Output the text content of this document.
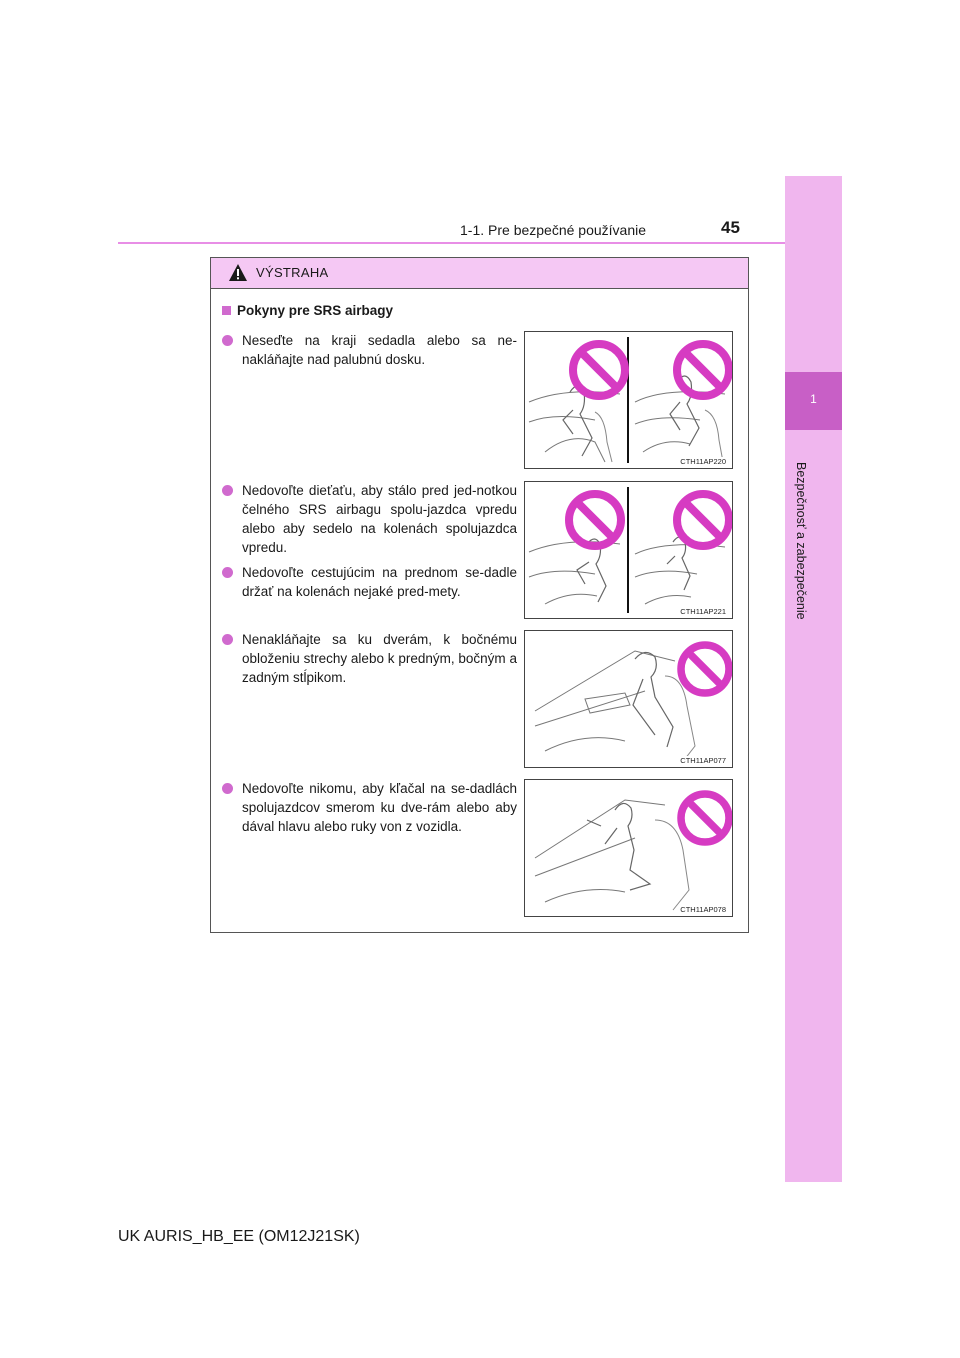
1
Bezpečnosť a zabezpečenie
1-1. Pre bezpečné používanie	45
VÝSTRAHA
Pokyny pre SRS airbagy
Neseďte na kraji sedadla alebo sa ne-nakláňajte nad palubnú dosku.
Nedovoľte dieťaťu, aby stálo pred jed-notkou čelného SRS airbagu spolu-jazdca vpredu alebo aby sedelo na kolenách spolujazdca vpredu.
Nedovoľte cestujúcim na prednom se-dadle držať na kolenách nejaké pred-mety.
Nenakláňajte sa ku dverám, k bočnému obloženiu strechy alebo k predným, bočným a zadným stĺpikom.
Nedovoľte nikomu, aby kľačal na se-dadlách spolujazdcov smerom ku dve-rám alebo aby dával hlavu alebo ruky von z vozidla.
CTH11AP220
CTH11AP221
CTH11AP077
CTH11AP078
UK AURIS_HB_EE (OM12J21SK)
